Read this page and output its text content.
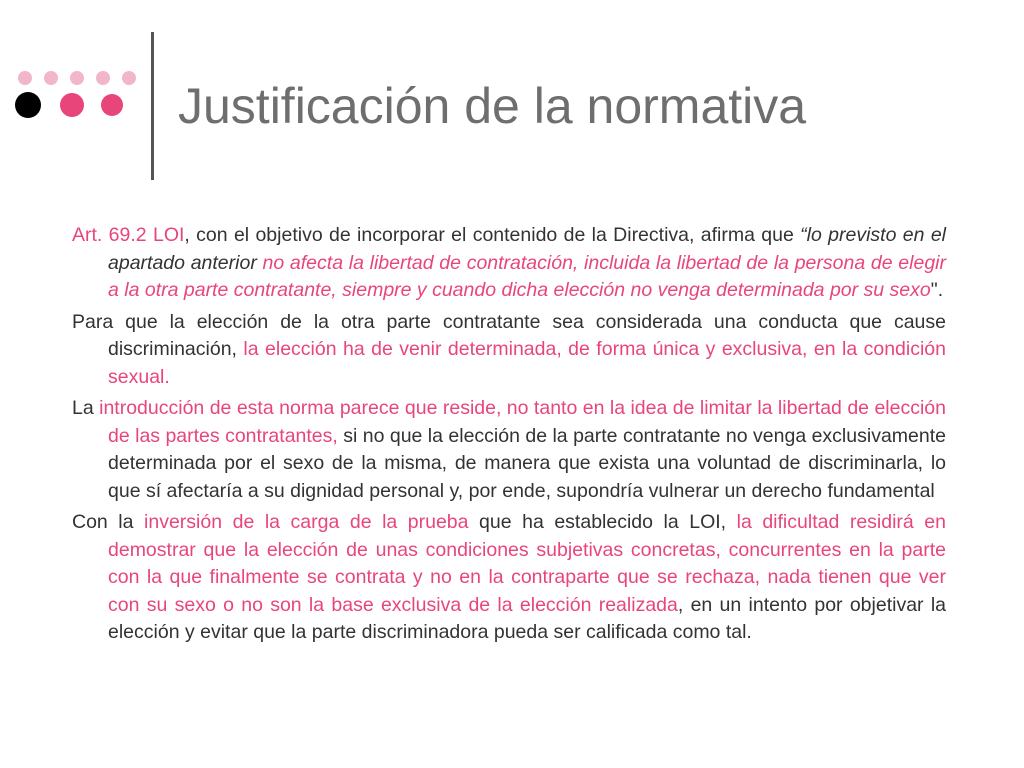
Justificación de la normativa

Art. 69.2 LOI, con el objetivo de incorporar el contenido de la Directiva, afirma que “lo previsto en el apartado anterior no afecta la libertad de contratación, incluida la libertad de la persona de elegir a la otra parte contratante, siempre y cuando dicha elección no venga determinada por su sexo".

Para que la elección de la otra parte contratante sea considerada una conducta que cause discriminación, la elección ha de venir determinada, de forma única y exclusiva, en la condición sexual.

La introducción de esta norma parece que reside, no tanto en la idea de limitar la libertad de elección de las partes contratantes, si no que la elección de la parte contratante no venga exclusivamente determinada por el sexo de la misma, de manera que exista una voluntad de discriminarla, lo que sí afectaría a su dignidad personal y, por ende, supondría vulnerar un derecho fundamental

Con la inversión de la carga de la prueba que ha establecido la LOI, la dificultad residirá en demostrar que la elección de unas condiciones subjetivas concretas, concurrentes en la parte con la que finalmente se contrata y no en la contraparte que se rechaza, nada tienen que ver con su sexo o no son la base exclusiva de la elección realizada, en un intento por objetivar la elección y evitar que la parte discriminadora pueda ser calificada como tal.
